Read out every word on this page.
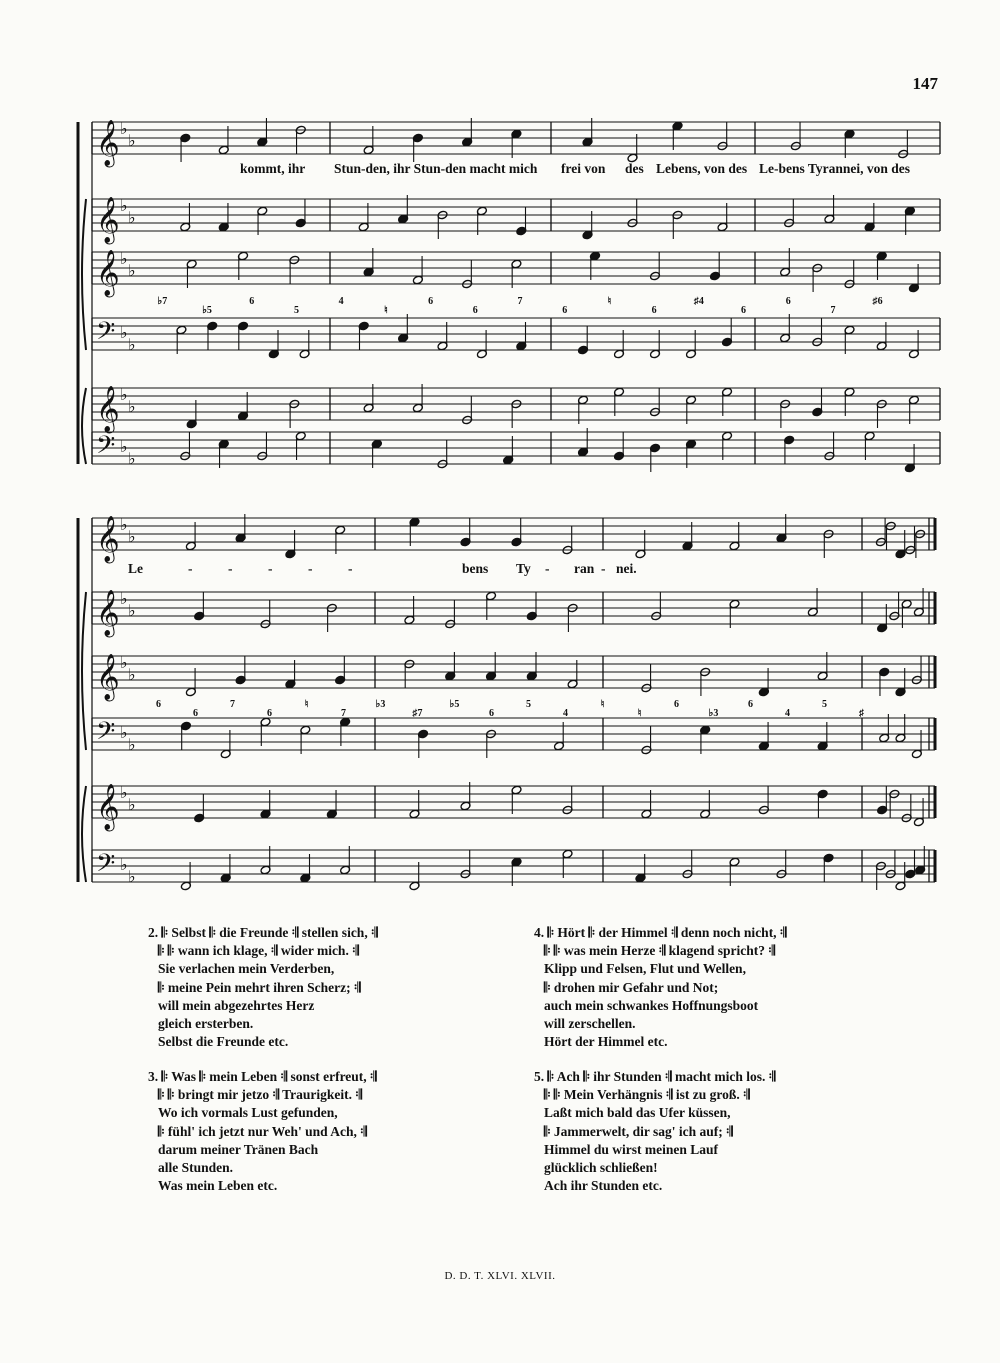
147
𝄞 ♭
♭
𝄞 ♭
♭
𝄞 ♭
♭
𝄢 ♭
♭
𝄞 ♭
♭
𝄢 ♭
♭
𝄞 ♭
♭
𝄞 ♭
♭
𝄞 ♭
♭
𝄢 ♭
♭
𝄞 ♭
♭
𝄢 ♭
♭
♭7
♭5
6
5
4
♮
6
6
7
6
♮
6
♯4
6
6
7
♯6
6
6
7
6
♮
7
♭3
♯7
♭5
6
5
4
♮
♮
6
♭3
6
4
5
♯
kommt, ihr Stun-den, ihr Stun-den macht mich frei von des Lebens, von des Le-bens Tyrannei, von des
Le	-	-	-	-	-	bens Ty - ran - nei.
2. 𝄆 Selbst 𝄆 die Freunde 𝄇 stellen sich, 𝄇
𝄆 𝄆 wann ich klage, 𝄇 wider mich. 𝄇
Sie verlachen mein Verderben,
𝄆 meine Pein mehrt ihren Scherz; 𝄇
will mein abgezehrtes Herz
gleich ersterben.
Selbst die Freunde etc.
3. 𝄆 Was 𝄆 mein Leben 𝄇 sonst erfreut, 𝄇
𝄆 𝄆 bringt mir jetzo 𝄇 Traurigkeit. 𝄇
Wo ich vormals Lust gefunden,
𝄆 fühl' ich jetzt nur Weh' und Ach, 𝄇
darum meiner Tränen Bach
alle Stunden.
Was mein Leben etc.
4. 𝄆 Hört 𝄆 der Himmel 𝄇 denn noch nicht, 𝄇
𝄆 𝄆 was mein Herze 𝄇 klagend spricht? 𝄇
Klipp und Felsen, Flut und Wellen,
𝄆 drohen mir Gefahr und Not;
auch mein schwankes Hoffnungsboot
will zerschellen.
Hört der Himmel etc.
5. 𝄆 Ach 𝄆 ihr Stunden 𝄇 macht mich los. 𝄇
𝄆 𝄆 Mein Verhängnis 𝄇 ist zu groß. 𝄇
Laßt mich bald das Ufer küssen,
𝄆 Jammerwelt, dir sag' ich auf; 𝄇
Himmel du wirst meinen Lauf
glücklich schließen!
Ach ihr Stunden etc.
D. D. T. XLVI. XLVII.
